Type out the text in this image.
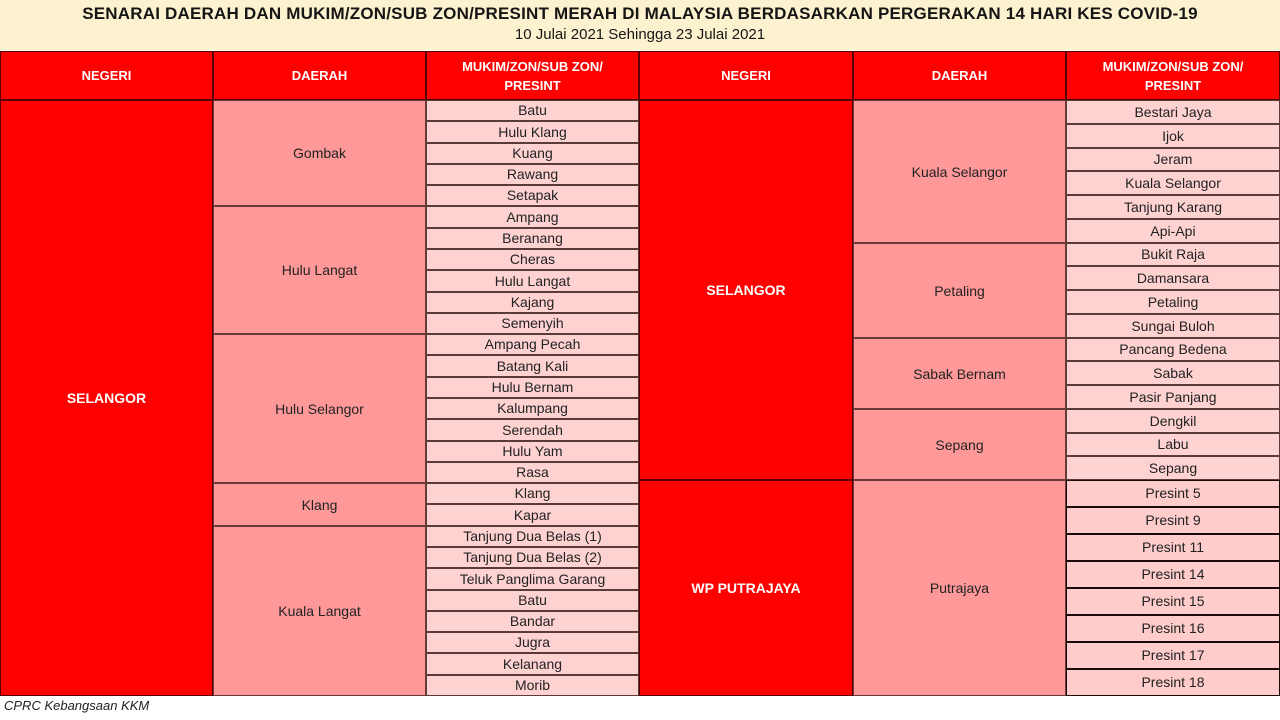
SENARAI DAERAH DAN MUKIM/ZON/SUB ZON/PRESINT MERAH DI MALAYSIA BERDASARKAN PERGERAKAN 14 HARI KES COVID-19
10 Julai 2021 Sehingga 23 Julai 2021
NEGERI	DAERAH
MUKIM/ZON/SUB ZON/
PRESINT
SELANGOR
Gombak
Batu
Hulu Klang
Kuang
Rawang
Setapak
Hulu Langat
Ampang
Beranang
Cheras
Hulu Langat
Kajang
Semenyih
Hulu Selangor
Ampang Pecah
Batang Kali
Hulu Bernam
Kalumpang
Serendah
Hulu Yam
Rasa
Klang
Klang
Kapar
Kuala Langat
Tanjung Dua Belas (1)
Tanjung Dua Belas (2)
Teluk Panglima Garang
Batu
Bandar
Jugra
Kelanang
Morib
NEGERI	DAERAH
MUKIM/ZON/SUB ZON/
PRESINT
SELANGOR
WP PUTRAJAYA
Kuala Selangor
Bestari Jaya
Ijok
Jeram
Kuala Selangor
Tanjung Karang
Api-Api
Petaling
Bukit Raja
Damansara
Petaling
Sungai Buloh
Sabak Bernam
Pancang Bedena
Sabak
Pasir Panjang
Sepang
Dengkil
Labu
Sepang
Putrajaya
Presint 5
Presint 9
Presint 11
Presint 14
Presint 15
Presint 16
Presint 17
Presint 18
CPRC Kebangsaan KKM
